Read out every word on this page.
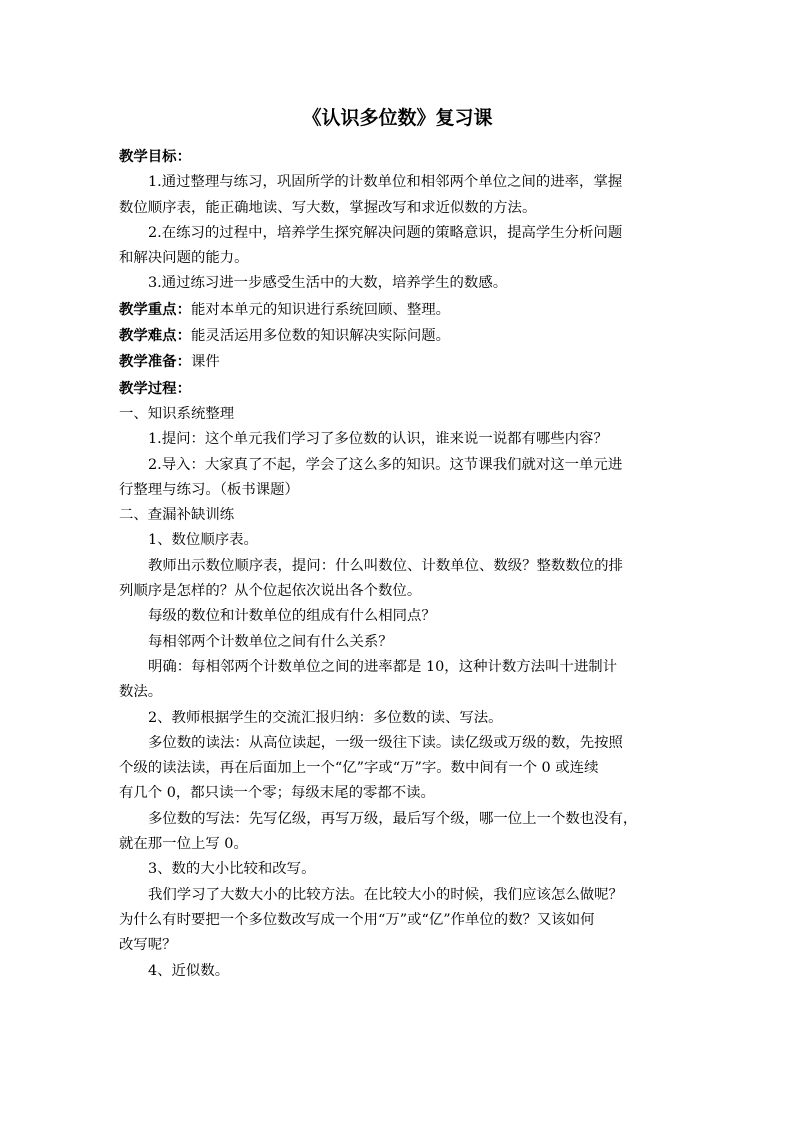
《认识多位数》复习课

教学目标：

1.通过整理与练习，巩固所学的计数单位和相邻两个单位之间的进率，掌握

数位顺序表，能正确地读、写大数，掌握改写和求近似数的方法。

2.在练习的过程中，培养学生探究解决问题的策略意识，提高学生分析问题

和解决问题的能力。

3.通过练习进一步感受生活中的大数，培养学生的数感。

教学重点：能对本单元的知识进行系统回顾、整理。

教学难点：能灵活运用多位数的知识解决实际问题。

教学准备：课件

教学过程：

一、知识系统整理

1.提问：这个单元我们学习了多位数的认识，谁来说一说都有哪些内容？

2.导入：大家真了不起，学会了这么多的知识。这节课我们就对这一单元进

行整理与练习。（板书课题）

二、查漏补缺训练

1、数位顺序表。

教师出示数位顺序表，提问：什么叫数位、计数单位、数级？整数数位的排

列顺序是怎样的？从个位起依次说出各个数位。

每级的数位和计数单位的组成有什么相同点？

每相邻两个计数单位之间有什么关系？

明确：每相邻两个计数单位之间的进率都是 10，这种计数方法叫十进制计

数法。

2、教师根据学生的交流汇报归纳：多位数的读、写法。

多位数的读法：从高位读起，一级一级往下读。读亿级或万级的数，先按照

个级的读法读，再在后面加上一个“亿”字或“万”字。数中间有一个 0 或连续

有几个 0，都只读一个零；每级末尾的零都不读。

多位数的写法：先写亿级，再写万级，最后写个级，哪一位上一个数也没有，

就在那一位上写 0。

3、数的大小比较和改写。

我们学习了大数大小的比较方法。在比较大小的时候，我们应该怎么做呢？

为什么有时要把一个多位数改写成一个用“万”或“亿”作单位的数？又该如何

改写呢？

4、近似数。
